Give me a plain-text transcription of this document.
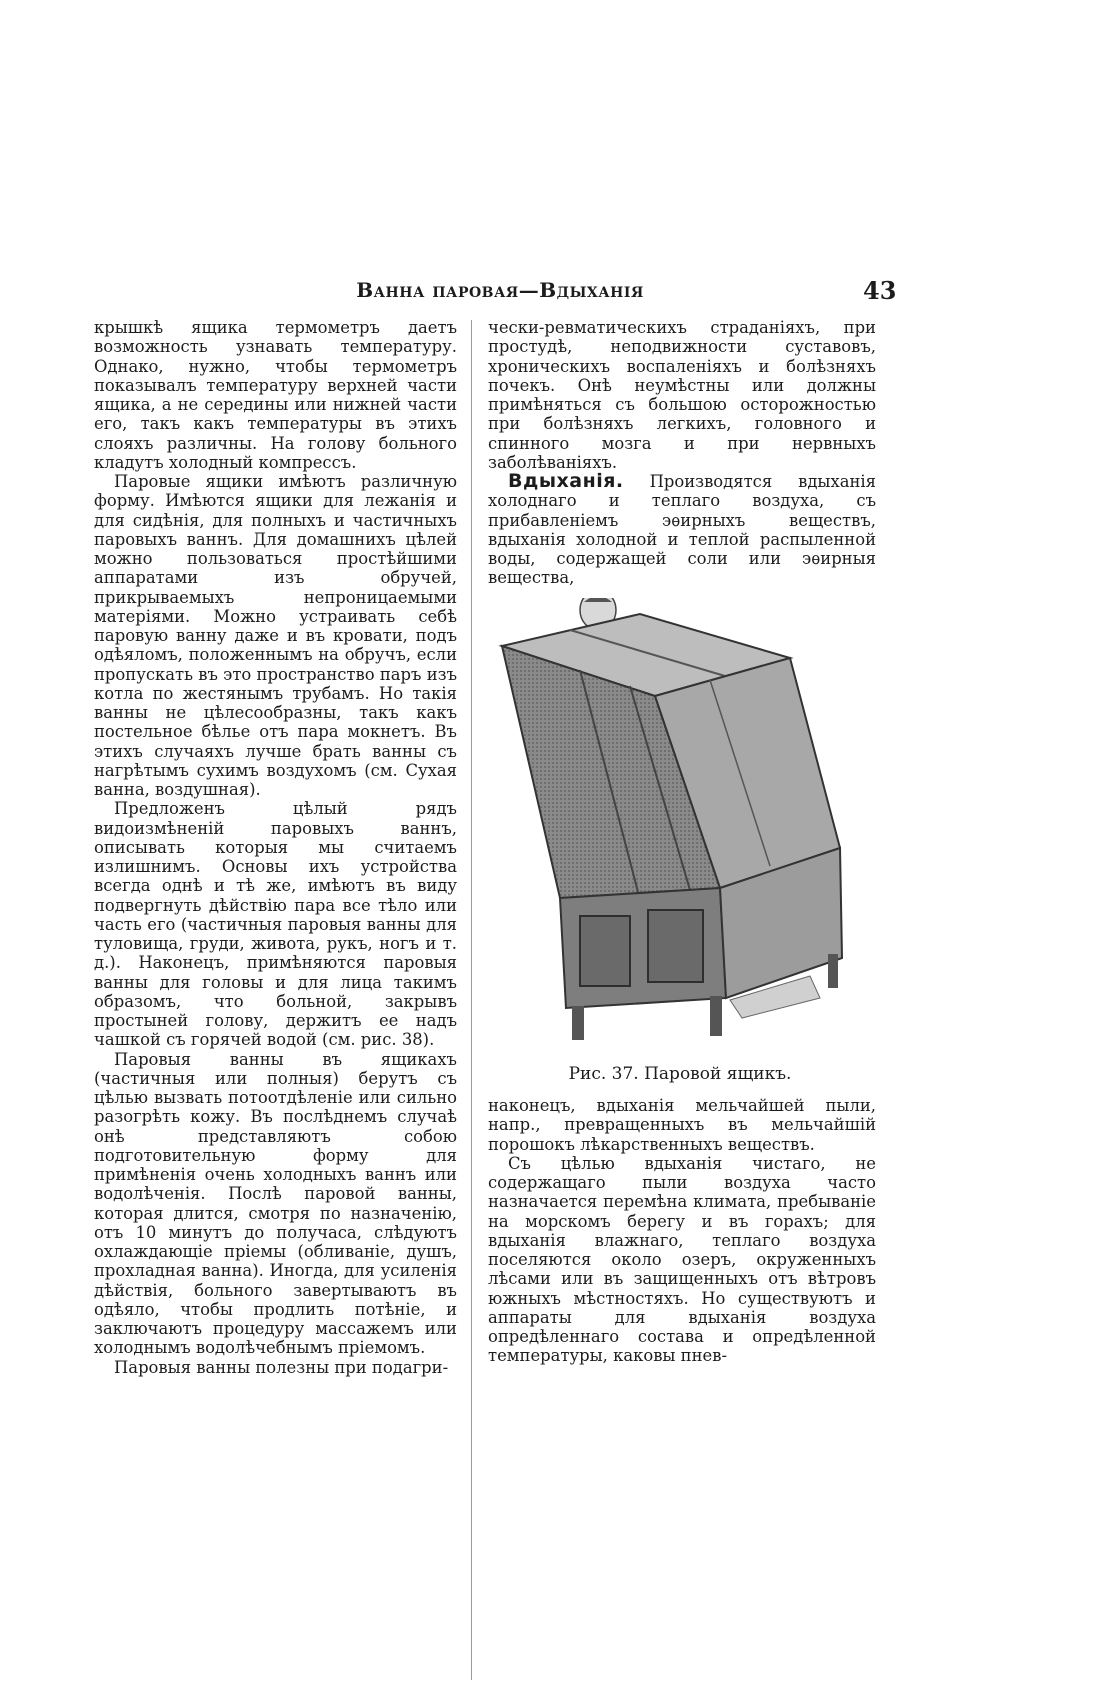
Ванна паровая—Вдыханія	43

крышкѣ ящика термометръ даетъ возможность узнавать температуру. Однако, нужно, чтобы термометръ показывалъ температуру верхней части ящика, а не середины или нижней части его, такъ какъ температуры въ этихъ слояхъ различны. На голову больного кладутъ холодный компрессъ.

Паровые ящики имѣютъ различную форму. Имѣются ящики для лежанія и для сидѣнія, для полныхъ и частичныхъ паровыхъ ваннъ. Для домашнихъ цѣлей можно пользоваться простѣйшими аппаратами изъ обручей, прикрываемыхъ непроницаемыми матеріями. Можно устраивать себѣ паровую ванну даже и въ кровати, подъ одѣяломъ, положеннымъ на обручъ, если пропускать въ это пространство паръ изъ котла по жестянымъ трубамъ. Но такія ванны не цѣлесообразны, такъ какъ постельное бѣлье отъ пара мокнетъ. Въ этихъ случаяхъ лучше брать ванны съ нагрѣтымъ сухимъ воздухомъ (см. Сухая ванна, воздушная).

Предложенъ цѣлый рядъ видоизмѣненій паровыхъ ваннъ, описывать которыя мы считаемъ излишнимъ. Основы ихъ устройства всегда однѣ и тѣ же, имѣютъ въ виду подвергнуть дѣйствію пара все тѣло или часть его (частичныя паровыя ванны для туловища, груди, живота, рукъ, ногъ и т. д.). Наконецъ, примѣняются паровыя ванны для головы и для лица такимъ образомъ, что больной, закрывъ простыней голову, держитъ ее надъ чашкой съ горячей водой (см. рис. 38).

Паровыя ванны въ ящикахъ (частичныя или полныя) берутъ съ цѣлью вызвать потоотдѣленіе или сильно разогрѣть кожу. Въ послѣднемъ случаѣ онѣ представляютъ собою подготовительную форму для примѣненія очень холодныхъ ваннъ или водолѣченія. Послѣ паровой ванны, которая длится, смотря по назначенію, отъ 10 минутъ до получаса, слѣдуютъ охлаждающіе пріемы (обливаніе, душъ, прохладная ванна). Иногда, для усиленія дѣйствія, больного завертываютъ въ одѣяло, чтобы продлить потѣніе, и заключаютъ процедуру массажемъ или холоднымъ водолѣчебнымъ пріемомъ.

Паровыя ванны полезны при подагри-

чески-ревматическихъ страданіяхъ, при простудѣ, неподвижности суставовъ, хроническихъ воспаленіяхъ и болѣзняхъ почекъ. Онѣ неумѣстны или должны примѣняться съ большою осторожностью при болѣзняхъ легкихъ, головного и спинного мозга и при нервныхъ заболѣваніяхъ.

Вдыханія. Производятся вдыханія холоднаго и теплаго воздуха, съ прибавленіемъ эѳирныхъ веществъ, вдыханія холодной и теплой распыленной воды, содержащей соли или эѳирныя вещества,

Рис. 37. Паровой ящикъ.

наконецъ, вдыханія мельчайшей пыли, напр., превращенныхъ въ мельчайшій порошокъ лѣкарственныхъ веществъ.

Съ цѣлью вдыханія чистаго, не содержащаго пыли воздуха часто назначается перемѣна климата, пребываніе на морскомъ берегу и въ горахъ; для вдыханія влажнаго, теплаго воздуха поселяются около озеръ, окруженныхъ лѣсами или въ защищенныхъ отъ вѣтровъ южныхъ мѣстностяхъ. Но существуютъ и аппараты для вдыханія воздуха опредѣленнаго состава и опредѣленной температуры, каковы пнев-
